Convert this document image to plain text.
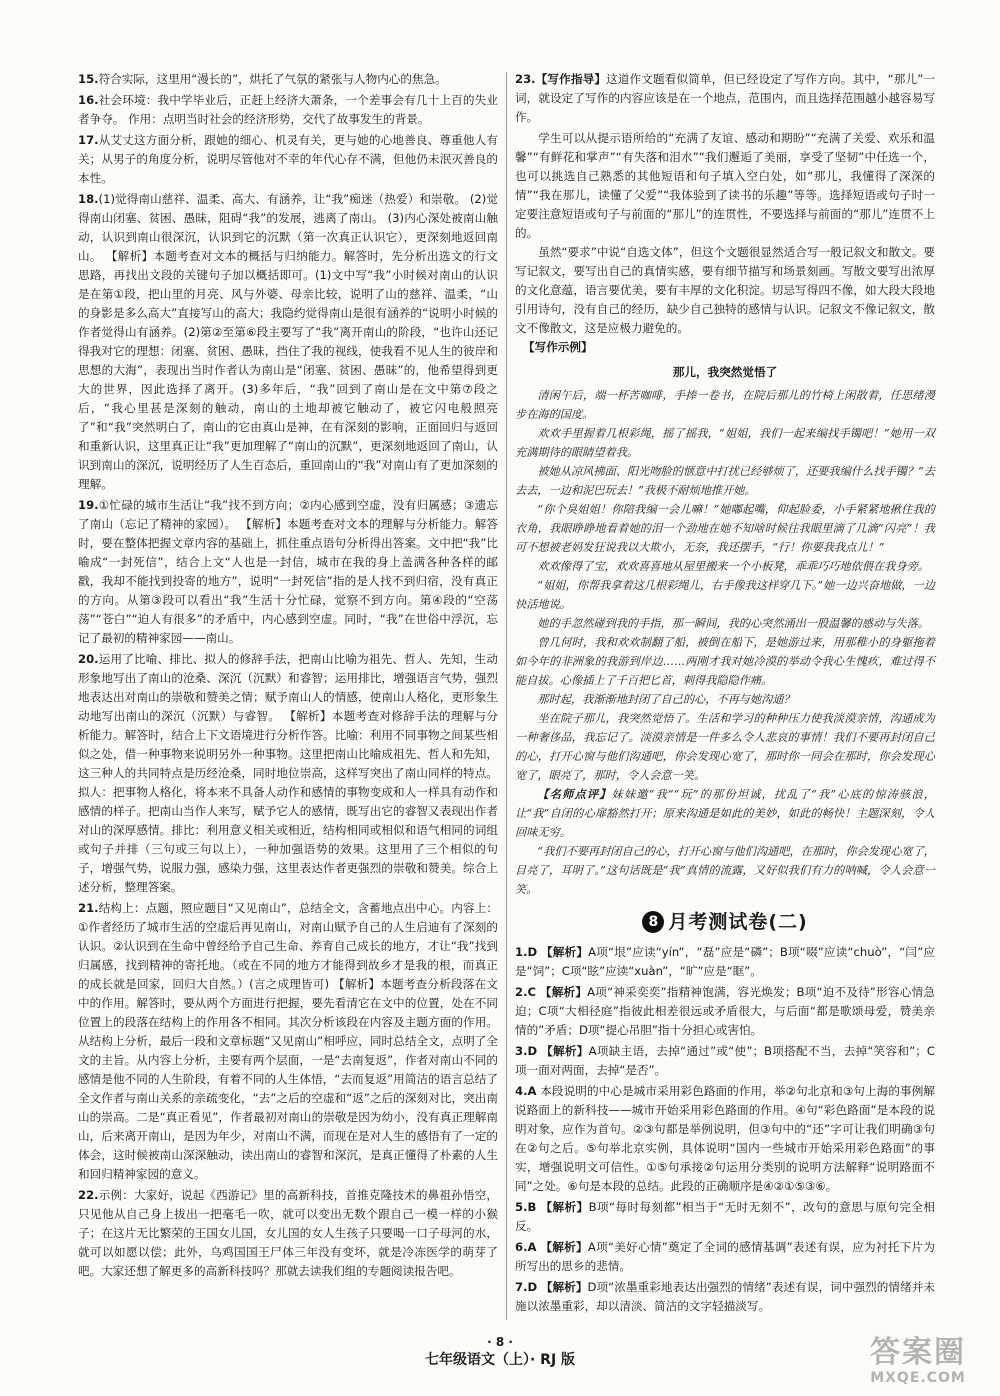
15.符合实际，这里用“漫长的”，烘托了气氛的紧张与人物内心的焦急。
16.社会环境：我中学毕业后，正赶上经济大萧条，一个差事会有几十上百的失业者争夺。 作用：点明当时社会的经济形势，交代了故事发生的背景。
17.从艾丈这方面分析，跟她的细心、机灵有关，更与她的心地善良、尊重他人有关；从男子的角度分析，说明尽管他对不幸的年代心存不满，但他仍未泯灭善良的本性。
18.(1)觉得南山慈祥、温柔、高大、有涵养，让“我”痴迷（热爱）和崇敬。 (2)觉得南山闭塞、贫困、愚昧，阻碍“我”的发展，逃离了南山。 (3)内心深处被南山触动，认识到南山很深沉，认识到它的沉默（第一次真正认识它），更深刻地返回南山。 【解析】本题考查对文本的概括与归纳能力。解答时，先分析出选文的行文思路，再找出文段的关键句子加以概括即可。(1)文中写“我”小时候对南山的认识是在第①段，把山里的月亮、风与外婆、母亲比较，说明了山的慈祥、温柔，“山的身影是多么高大”直接写山的高大；我隐约觉得南山是很有涵养的“说明小时候的作者觉得山有涵养。(2)第②至第⑥段主要写了“我”离开南山的阶段，“也许山还记得我对它的理想：闭塞、贫困、愚昧，挡住了我的视线，使我看不见人生的彼岸和思想的大海”，表现出当时作者认为南山是“闭塞、贫困、愚昧”的，他希望得到更大的世界，因此选择了离开。(3)多年后，“我”回到了南山是在文中第⑦段之后，“我心里甚是深刻的触动，南山的土地却被它触动了，被它闪电般照亮了”和“我”突然明白了，南山的它由真山是神，在有深刻的影响，正面回归与返回和重新认识，这里真正让“我”更加理解了“南山的沉默”，更深刻地返回了南山，认识到南山的深沉，说明经历了人生百态后，重回南山的“我”对南山有了更加深刻的理解。
19.①忙碌的城市生活让“我”找不到方向；②内心感到空虚，没有归属感；③遗忘了南山（忘记了精神的家园）。 【解析】本题考查对文本的理解与分析能力。解答时，要在整体把握文章内容的基础上，抓住重点语句分析得出答案。文中把“我”比喻成“一封死信”，结合上文“人也是一封信，城市在我的身上盖满各种各样的邮戳，我却不能找到投寄的地方”，说明“一封死信”指的是人找不到归宿，没有真正的方向。从第③段可以看出“我”生活十分忙碌，觉察不到方向。第④段的“空荡荡”“苍白”“迫人有很多”的矛盾中，内心感到空虚。同时，“我”在世俗中浮沉，忘记了最初的精神家园——南山。
20.运用了比喻、排比、拟人的修辞手法，把南山比喻为祖先、哲人、先知，生动形象地写出了南山的沧桑、深沉（沉默）和睿智；运用排比，增强语言气势，强烈地表达出对南山的崇敬和赞美之情；赋予南山人的情感，使南山人格化，更形象生动地写出南山的深沉（沉默）与睿智。 【解析】本题考查对修辞手法的理解与分析能力。解答时，结合上下文语境进行分析作答。比喻：利用不同事物之间某些相似之处，借一种事物来说明另外一种事物。这里把南山比喻成祖先、哲人和先知，这三种人的共同特点是历经沧桑，同时地位崇高，这样写突出了南山同样的特点。拟人：把事物人格化，将本来不具备人动作和感情的事物变成和人一样具有动作和感情的样子。把南山当作人来写，赋予它人的感情，既写出它的睿智又表现出作者对山的深厚感情。排比：利用意义相关或相近，结构相同或相似和语气相同的词组或句子并排（三句或三句以上），一种加强语势的效果。这里用了三个相似的句子，增强气势，说服力强，感染力强，这里表达作者更强烈的崇敬和赞美。综合上述分析，整理答案。
21.结构上：点题，照应题目“又见南山”，总结全文，含蓄地点出中心。内容上：①作者经历了城市生活的空虚后再见南山，对南山赋予自己的人生启迪有了深刻的认识。②认识到在生命中曾经给予自己生命、养育自己成长的地方，才让“我”找到归属感，找到精神的寄托地。（或在不同的地方才能得到故乡才是我的根，而真正的成长就是回家，回归大自然。）(言之成理皆可) 【解析】本题考查分析段落在文中的作用。解答时，要从两个方面进行把握，要先看清它在文中的位置，处在不同位置上的段落在结构上的作用各不相同。其次分析该段在内容及主题方面的作用。从结构上分析，最后一段和文章标题“又见南山”相呼应，同时总结全文，点明了全文的主旨。从内容上分析，主要有两个层面，一是“去南复返”，作者对南山不同的感情是他不同的人生阶段，有着不同的人生体悟，“去而复返”用简洁的语言总结了全文作者与南山关系的亲疏变化，“去”之后的空虚和“返”之后的深刻对比，突出南山的崇高。二是“真正看见”，作者最初对南山的崇敬是因为幼小，没有真正理解南山，后来离开南山，是因为年少，对南山不满，而现在是对人生的感悟有了一定的体会，这时候被南山深深触动，读出南山的睿智和深沉，是真正懂得了朴素的人生和回归精神家园的意义。
22.示例：大家好，说起《西游记》里的高新科技，首推克隆技术的鼻祖孙悟空，只见他从自己身上拔出一把毫毛一吹，就可以变出无数个跟自己一模一样的小猴子；在这片无比繁荣的王国女儿国，女儿国的女人生孩子只要喝一口子母河的水，就可以如愿以偿；此外，乌鸡国国王尸体三年没有变坏，就是冷冻医学的萌芽了吧。大家还想了解更多的高新科技吗？那就去读我们组的专题阅读报告吧。
23.【写作指导】这道作文题看似简单，但已经设定了写作方向。其中，“那儿”一词，就设定了写作的内容应该是在一个地点，范围内，而且选择范围越小越容易写作。

学生可以从提示语所给的“充满了友谊、感动和期盼”“充满了关爱、欢乐和温馨”“有鲜花和掌声”“有失落和泪水”“我们邂逅了美丽，享受了坚韧”中任选一个，也可以挑选自己熟悉的其他短语和句子填入空白处，如“那儿，我懂得了深深的情”“我在那儿，读懂了父爱”“我体验到了读书的乐趣”等等。选择短语或句子时一定要注意短语或句子与前面的“那儿”的连贯性，不要选择与前面的“那儿”连贯不上的。

虽然“要求”中说“自选文体”，但这个文题很显然适合写一般记叙文和散文。要写记叙文，要写出自己的真情实感，要有细节描写和场景刻画。写散文要写出浓厚的文化意蕴，语言要优美，要有丰厚的文化积淀。切忌写得四不像，如大段大段地引用诗句，没有自己的经历，缺少自己独特的感情与认识。记叙文不像记叙文，散文不像散文，这是应极力避免的。

【写作示例】
那儿，我突然觉悟了

清闲午后，端一杯苦咖啡，手捧一卷书，在院后那儿的竹椅上闲散着，任思绪漫步在海的国度。

欢欢手里握着几根彩绳，摇了摇我，“姐姐，我们一起来编找手镯吧！”她用一双充满期待的眼睛望着我。

被她从凉风拂面、阳光吻脸的惬意中打扰已经够烦了，还要我编什么找手镯？“去去去，一边和泥巴玩去！”我极不耐烦地推开她。

“你个臭姐姐！你陪我编一会儿嘛！”她嘟起嘴，仰起脸委，小手紧紧地揪住我的衣角，我眼睁睁地看着她的泪一个劲地在她不知啥时候往我眼里滴了几滴“闪亮”！我可不想被老妈发狂说我以大欺小，无奈，我还摆手，“行！你要我我点儿！”

欢欢像得了宝，欢欢喜喜地从屋里搬来一个小板凳，乖乖巧巧地依偎在我身旁。

“姐姐，你帮我拿着这几根彩绳儿，右手像我这样穿几下。”她一边兴奋地做，一边快活地说。

她的手忽然碰到我的手指，那一瞬间，我的心突然涌出一股温馨的感动与失落。

曾几何时，我和欢欢制翻了船，被倒在船下，是她游过来，用那稚小的身躯拖着如今年的非洲象的我游到岸边……两刚才我对她冷漠的举动令我心生愧疚，难过得不能自拔。心像插上了千百把匕首，刺得我隐隐作痛。

那时起，我渐渐地封闭了自己的心，不再与她沟通？

坐在院子那儿，我突然觉悟了。生活和学习的种种压力使我淡漠亲情，沟通成为一种奢侈品，我忘记了。淡漠亲情是一件多么令人悲哀的事情！我们不要再封闭自己的心，打开心窗与他们沟通吧，你会发现心宽了，那时你一同会在那时，你会发现心宽了，眼亮了，那时，令人会意一笑。

【名师点评】妹妹邀“我”“玩”的那份坦诚，扰乱了“我”心底的惊涛骇浪，让“我”自闭的心扉豁然打开；原来沟通是如此的美妙，如此的畅快！主题深刻，令人回味无穷。

“我们不要再封闭自己的心，打开心窗与他们沟通吧，在那时，你会发现心宽了，目亮了，耳明了。”这句话既是“我”真情的流露，又好似我们有力的呐喊，令人会意一笑。

8 月考测试卷(二)
1.D 【解析】A项“垠”应读“yín”，“磊”应是“磷”；B项“啜”应读“chuò”，“闫”应是“饲”；C项“眩”应读“xuàn”，“旷”应是“眶”。
2.C 【解析】A项“神采奕奕”指精神饱满，容光焕发；B项“迫不及待”形容心情急迫；C项“大相径庭”指彼此相差很远或矛盾很大，与后面“都是歌颂母爱，赞美亲情的”矛盾；D项“提心吊胆”指十分担心或害怕。
3.D 【解析】A项缺主语，去掉“通过”或“使”；B项搭配不当，去掉“笑容和”；C项一面对两面，去掉“是否”。
4.A 本段说明的中心是城市采用彩色路面的作用，举②句北京和③句上海的事例解说路面上的新科技——城市开始采用彩色路面的作用。④句“彩色路面”是本段的说明对象，应作为首句。②③句都是举例说明，但③句中的“还”字可让我们明确③句在②句之后。⑤句举北京实例，具体说明“国内一些城市开始采用彩色路面”的事实，增强说明文可信性。①⑤句承接②句运用分类别的说明方法解释“说明路面不同”之处。⑥句是本段的总结。此段的正确顺序是④②①⑤③⑥。
5.B 【解析】B项“每时每刻都”相当于“无时无刻不”，改句的意思与原句完全相反。
6.A 【解析】A项“美好心情”奠定了全词的感情基调”表述有误，应为衬托下片为所写出的思乡的悲情。
7.D 【解析】D项“浓墨重彩地表达出强烈的情绪”表述有误，词中强烈的情绪并未施以浓墨重彩，却以清淡、简洁的文字轻描淡写。
· 8 ·
七年级语文（上）· RJ 版	答案圈
MXQE.COM
